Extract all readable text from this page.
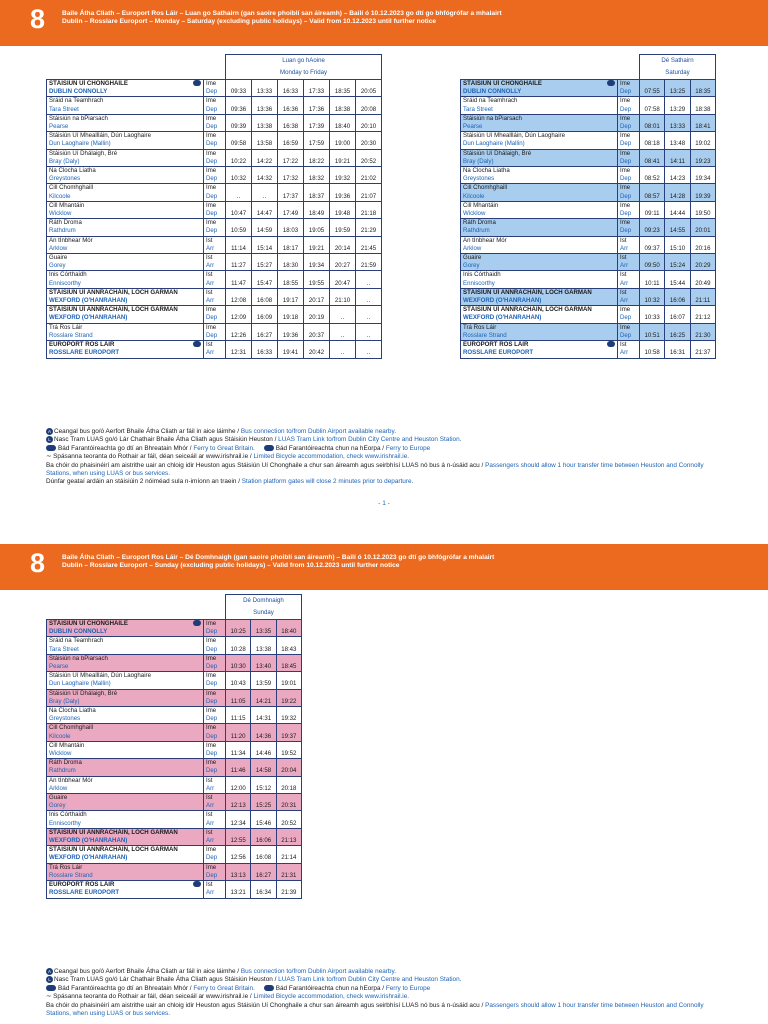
8	Baile Átha Cliath – Europort Ros Láir – Luan go Sathairn (gan saoire phoiblí san áireamh) – Bailí ó 10.12.2023 go dtí go bhfógrófar a mhalairt
Dublin – Rosslare Europort – Monday – Saturday (excluding public holidays) – Valid from 10.12.2023 until further notice
		Luan go hAoine					
		Monday to Friday					
STÁISIÚN UÍ CHONGHAILE	Ime						
DUBLIN CONNOLLY	Dep	09:33	13:33	16:33	17:33	18:35	20:05
Sráid na Teamhrach	Ime						
Tara Street	Dep	09:36	13:36	16:36	17:36	18:38	20:08
Stáisiún na bPiarsach	Ime						
Pearse	Dep	09:39	13:38	16:38	17:39	18:40	20:10
Stáisiún Uí Mheallláin, Dún Laoghaire	Ime						
Dun Laoghaire (Mallin)	Dep	09:58	13:58	16:59	17:59	19:00	20:30
Stáisiún Uí Dhálaigh, Bré	Ime						
Bray (Daly)	Dep	10:22	14:22	17:22	18:22	19:21	20:52
Na Clocha Liatha	Ime						
Greystones	Dep	10:32	14:32	17:32	18:32	19:32	21:02
Cill Chomhghaill	Ime						
Kilcoole	Dep	..	..	17:37	18:37	19:36	21:07
Cill Mhantáin	Ime						
Wicklow	Dep	10:47	14:47	17:49	18:49	19:48	21:18
Ráth Droma	Ime						
Rathdrum	Dep	10:59	14:59	18:03	19:05	19:59	21:29
An tInbhear Mór	Ist						
Arklow	Arr	11:14	15:14	18:17	19:21	20:14	21:45
Guaire	Ist						
Gorey	Arr	11:27	15:27	18:30	19:34	20:27	21:59
Inis Córthaidh	Ist						
Enniscorthy	Arr	11:47	15:47	18:55	19:55	20:47	..
STÁISIÚN UÍ ANNRACHÁIN, LOCH GARMAN	Ist						
WEXFORD (O'HANRAHAN)	Arr	12:08	16:08	19:17	20:17	21:10	..
STÁISIÚN UÍ ANNRACHÁIN, LOCH GARMAN	Ime						
WEXFORD (O'HANRAHAN)	Dep	12:09	16:09	19:18	20:19	..	..
Trá Ros Láir	Ime						
Rosslare Strand	Dep	12:26	16:27	19:36	20:37	..	..
EUROPORT ROS LÁIR	Ist						
ROSSLARE EUROPORT	Arr	12:31	16:33	19:41	20:42	..	..
		Dé Sathairn		
		Saturday		
STÁISIÚN UÍ CHONGHAILE	Ime			
DUBLIN CONNOLLY	Dep	07:55	13:25	18:35
Sráid na Teamhrach	Ime			
Tara Street	Dep	07:58	13:29	18:38
Stáisiún na bPiarsach	Ime			
Pearse	Dep	08:01	13:33	18:41
Stáisiún Uí Mheallláin, Dún Laoghaire	Ime			
Dun Laoghaire (Mallin)	Dep	08:18	13:48	19:02
Stáisiún Uí Dhálaigh, Bré	Ime			
Bray (Daly)	Dep	08:41	14:11	19:23
Na Clocha Liatha	Ime			
Greystones	Dep	08:52	14:23	19:34
Cill Chomhghaill	Ime			
Kilcoole	Dep	08:57	14:28	19:39
Cill Mhantáin	Ime			
Wicklow	Dep	09:11	14:44	19:50
Ráth Droma	Ime			
Rathdrum	Dep	09:23	14:55	20:01
An tInbhear Mór	Ist			
Arklow	Arr	09:37	15:10	20:16
Guaire	Ist			
Gorey	Arr	09:50	15:24	20:29
Inis Córthaidh	Ist			
Enniscorthy	Arr	10:11	15:44	20:49
STÁISIÚN UÍ ANNRACHÁIN, LOCH GARMAN	Ist			
WEXFORD (O'HANRAHAN)	Arr	10:32	16:06	21:11
STÁISIÚN UÍ ANNRACHÁIN, LOCH GARMAN	Ime			
WEXFORD (O'HANRAHAN)	Dep	10:33	16:07	21:12
Trá Ros Láir	Ime			
Rosslare Strand	Dep	10:51	16:25	21:30
EUROPORT ROS LÁIR	Ist			
ROSSLARE EUROPORT	Arr	10:58	16:31	21:37
A Ceangal bus go/ó Aerfort Bhaile Átha Cliath ar fáil in aice láimhe / Bus connection to/from Dublin Airport available nearby.
L Nasc Tram LUAS go/ó Lár Chathair Bhaile Átha Cliath agus Stáisiún Heuston / LUAS Tram Link to/from Dublin City Centre and Heuston Station.
Bád Farantóireachta go dtí an Bhreatain Mhór / Ferry to Great Britain.	Bád Farantóireachta chun na hEorpa / Ferry to Europe
∼ Spásanna teoranta do Rothair ar fáil, déan seiceáil ar www.irishrail.ie / Limited Bicycle accommodation, check www.irishrail.ie.
Ba chóir do phaisinéirí am aistrithe uair an chloig idir Heuston agus Stáisiún Uí Chonghaile a chur san áireamh agus seirbhísí LUAS nó bus á n-úsáid acu / Passengers should allow 1 hour transfer time between Heuston and Connolly Stations, when using LUAS or bus services.
Dúnfar geataí ardáin an stáisiúin 2 nóiméad sula n-imíonn an traein / Station platform gates will close 2 minutes prior to departure.
- 1 -
8	Baile Átha Cliath – Europort Ros Láir – Dé Domhnaigh (gan saoire phoiblí san áireamh) – Bailí ó 10.12.2023 go dtí go bhfógrófar a mhalairt
Dublin – Rosslare Europort – Sunday (excluding public holidays) – Valid from 10.12.2023 until further notice
		Dé Domhnaigh		
		Sunday		
STÁISIÚN UÍ CHONGHAILE	Ime			
DUBLIN CONNOLLY	Dep	10:25	13:35	18:40
Sráid na Teamhrach	Ime			
Tara Street	Dep	10:28	13:38	18:43
Stáisiún na bPiarsach	Ime			
Pearse	Dep	10:30	13:40	18:45
Stáisiún Uí Mheallláin, Dún Laoghaire	Ime			
Dun Laoghaire (Mallin)	Dep	10:43	13:59	19:01
Stáisiún Uí Dhálaigh, Bré	Ime			
Bray (Daly)	Dep	11:05	14:21	19:22
Na Clocha Liatha	Ime			
Greystones	Dep	11:15	14:31	19:32
Cill Chomhghaill	Ime			
Kilcoole	Dep	11:20	14:36	19:37
Cill Mhantáin	Ime			
Wicklow	Dep	11:34	14:46	19:52
Ráth Droma	Ime			
Rathdrum	Dep	11:46	14:58	20:04
An tInbhear Mór	Ist			
Arklow	Arr	12:00	15:12	20:18
Guaire	Ist			
Gorey	Arr	12:13	15:25	20:31
Inis Córthaidh	Ist			
Enniscorthy	Arr	12:34	15:46	20:52
STÁISIÚN UÍ ANNRACHÁIN, LOCH GARMAN	Ist			
WEXFORD (O'HANRAHAN)	Arr	12:55	16:06	21:13
STÁISIÚN UÍ ANNRACHÁIN, LOCH GARMAN	Ime			
WEXFORD (O'HANRAHAN)	Dep	12:56	16:08	21:14
Trá Ros Láir	Ime			
Rosslare Strand	Dep	13:13	16:27	21:31
EUROPORT ROS LÁIR	Ist			
ROSSLARE EUROPORT	Arr	13:21	16:34	21:39
A Ceangal bus go/ó Aerfort Bhaile Átha Cliath ar fáil in aice láimhe / Bus connection to/from Dublin Airport available nearby.
L Nasc Tram LUAS go/ó Lár Chathair Bhaile Átha Cliath agus Stáisiún Heuston / LUAS Tram Link to/from Dublin City Centre and Heuston Station.
Bád Farantóireachta go dtí an Bhreatain Mhór / Ferry to Great Britain.	Bád Farantóireachta chun na hEorpa / Ferry to Europe
∼ Spásanna teoranta do Rothair ar fáil, déan seiceáil ar www.irishrail.ie / Limited Bicycle accommodation, check www.irishrail.ie.
Ba chóir do phaisinéirí am aistrithe uair an chloig idir Heuston agus Stáisiún Uí Chonghaile a chur san áireamh agus seirbhísí LUAS nó bus á n-úsáid acu / Passengers should allow 1 hour transfer time between Heuston and Connolly Stations, when using LUAS or bus services.
